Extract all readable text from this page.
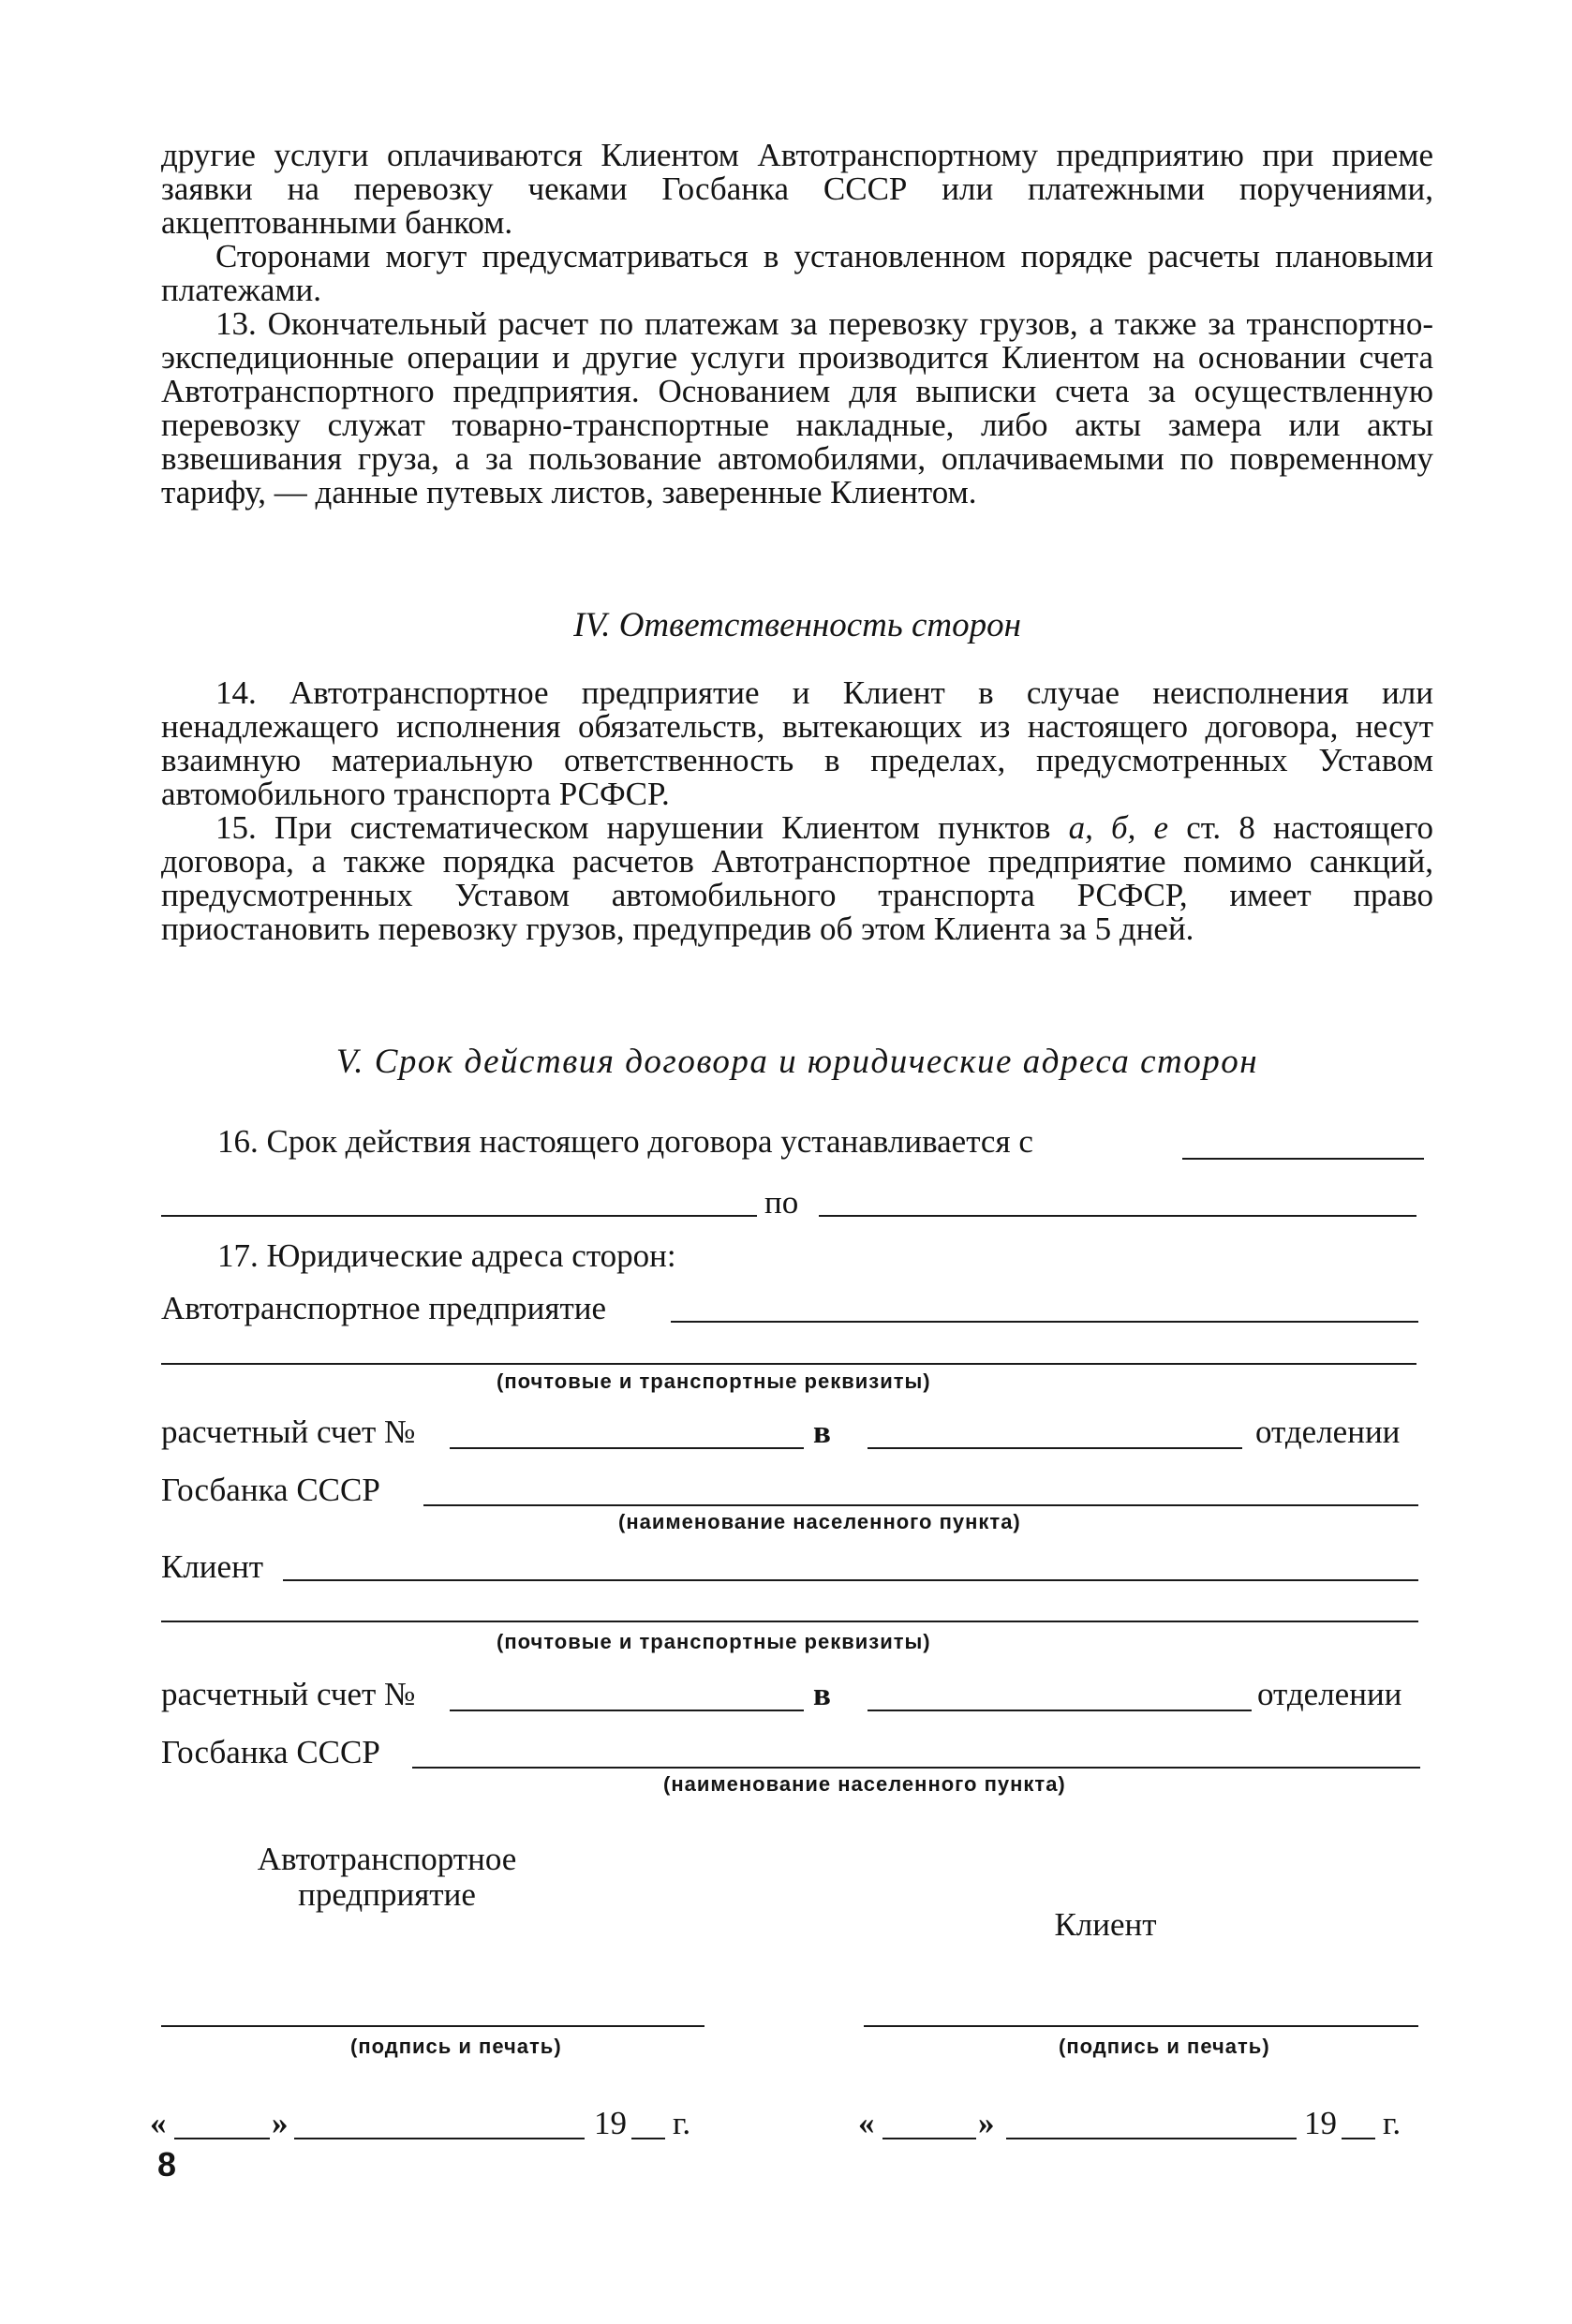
другие услуги оплачиваются Клиентом Автотранспортному предприятию при приеме заявки на перевозку чеками Госбанка СССР или платежными поручениями, акцептованными банком.

Сторонами могут предусматриваться в установленном порядке расчеты плановыми платежами.

13. Окончательный расчет по платежам за перевозку грузов, а также за транспортно-экспедиционные операции и другие услуги производится Клиентом на основании счета Автотранспортного предприятия. Основанием для выписки счета за осуществленную перевозку служат товарно-транспортные накладные, либо акты замера или акты взвешивания груза, а за пользование автомобилями, оплачиваемыми по повременному тарифу, — данные путевых листов, заверенные Клиентом.

IV. Ответственность сторон

14. Автотранспортное предприятие и Клиент в случае неисполнения или ненадлежащего исполнения обязательств, вытекающих из настоящего договора, несут взаимную материальную ответственность в пределах, предусмотренных Уставом автомобильного транспорта РСФСР.

15. При систематическом нарушении Клиентом пунктов а, б, е ст. 8 настоящего договора, а также порядка расчетов Автотранспортное предприятие помимо санкций, предусмотренных Уставом автомобильного транспорта РСФСР, имеет право приостановить перевозку грузов, предупредив об этом Клиента за 5 дней.

V. Срок действия договора и юридические адреса сторон
16. Срок действия настоящего договора устанавливается с
по
17. Юридические адреса сторон:
Автотранспортное предприятие
(почтовые и транспортные реквизиты)
расчетный счет №	в	отделении
Госбанка СССР
(наименование населенного пункта)
Клиент
(почтовые и транспортные реквизиты)
расчетный счет №	в	отделении
Госбанка СССР
(наименование населенного пункта)
Автотранспортное предприятие
Клиент
(подпись и печать)	(подпись и печать)
«	»	19 г.	«	»	19 г.
8
